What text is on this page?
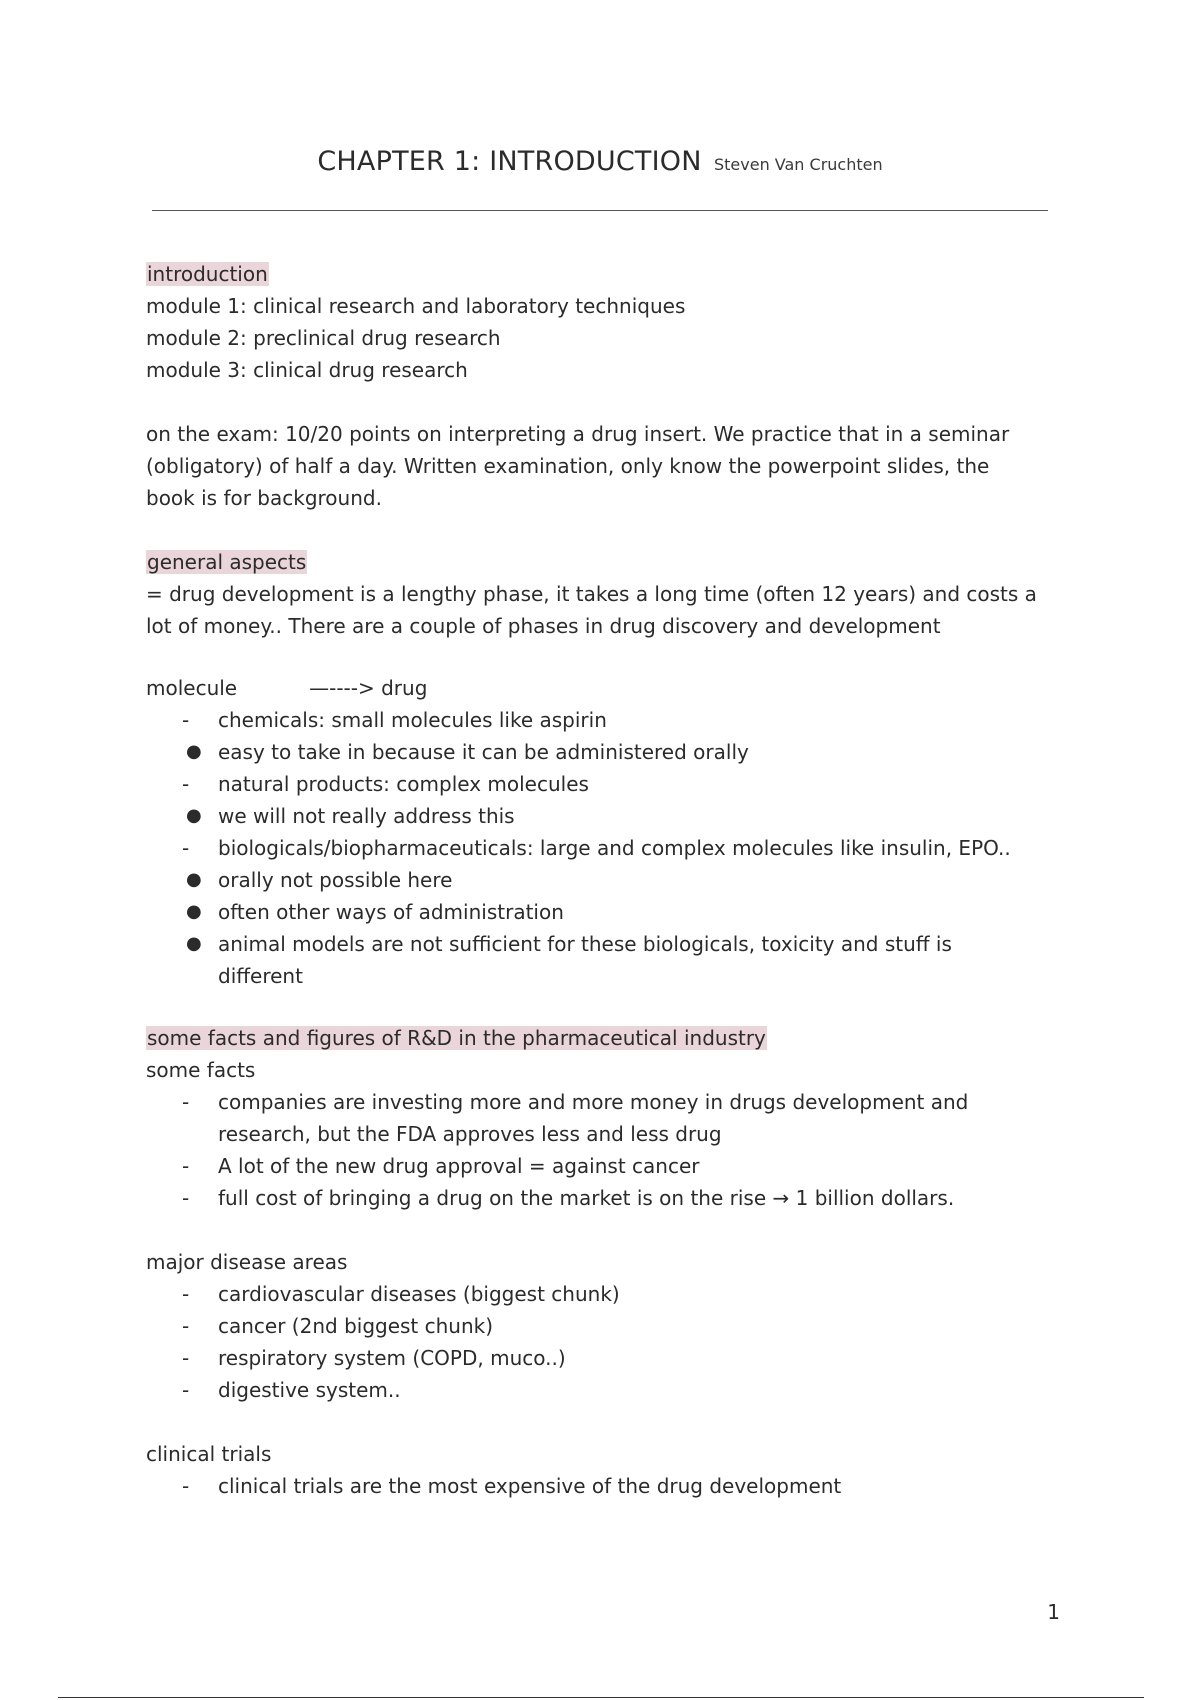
CHAPTER 1: INTRODUCTION Steven Van Cruchten

introduction

module 1: clinical research and laboratory techniques

module 2: preclinical drug research

module 3: clinical drug research

on the exam: 10/20 points on interpreting a drug insert. We practice that in a seminar

(obligatory) of half a day. Written examination, only know the powerpoint slides, the

book is for background.

general aspects

= drug development is a lengthy phase, it takes a long time (often 12 years) and costs a

lot of money.. There are a couple of phases in drug discovery and development

molecule	—----> drug

- chemicals: small molecules like aspirin
● easy to take in because it can be administered orally
- natural products: complex molecules
● we will not really address this
- biologicals/biopharmaceuticals: large and complex molecules like insulin, EPO..
● orally not possible here
● often other ways of administration
● animal models are not sufficient for these biologicals, toxicity and stuff is
different

some facts and figures of R&D in the pharmaceutical industry

some facts

- companies are investing more and more money in drugs development and
research, but the FDA approves less and less drug
- A lot of the new drug approval = against cancer
- full cost of bringing a drug on the market is on the rise → 1 billion dollars.

major disease areas

- cardiovascular diseases (biggest chunk)
- cancer (2nd biggest chunk)
- respiratory system (COPD, muco..)
- digestive system..

clinical trials

- clinical trials are the most expensive of the drug development
1
